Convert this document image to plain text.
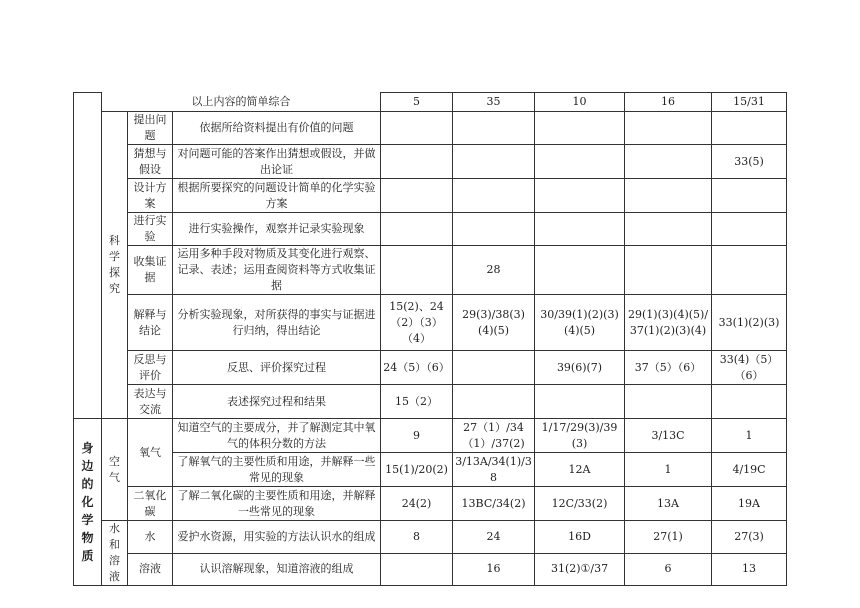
	以上内容的简单综合			5	35	10	16	15/31
	科学探究	提出问题	依据所给资料提出有价值的问题					
		猜想与假设	对问题可能的答案作出猜想或假设，并做出论证					33(5)
		设计方案	根据所要探究的问题设计简单的化学实验方案					
		进行实验	进行实验操作，观察并记录实验现象					
		收集证据	运用多种手段对物质及其变化进行观察、记录、表述；运用查阅资料等方式收集证据		28			
		解释与结论	分析实验现象，对所获得的事实与证据进行归纳，得出结论	15(2)、24（2）（3）（4）	29(3)/38(3)(4)(5)	30/39(1)(2)(3)(4)(5)	29(1)(3)(4)(5)/37(1)(2)(3)(4)	33(1)(2)(3)
		反思与评价	反思、评价探究过程	24（5）（6）		39(6)(7)	37（5）（6）	33(4)（5）（6）
		表达与交流	表述探究过程和结果	15（2）				
身边的化学物质	空气	氧气	知道空气的主要成分，并了解测定其中氧气的体积分数的方法	9	27（1）/34（1）/37(2)	1/17/29(3)/39(3)	3/13C	1
			了解氧气的主要性质和用途，并解释一些常见的现象	15(1)/20(2)	3/13A/34(1)/38	12A	1	4/19C
		二氧化碳	了解二氧化碳的主要性质和用途，并解释一些常见的现象	24(2)	13BC/34(2)	12C/33(2)	13A	19A
	水和溶液	水	爱护水资源，用实验的方法认识水的组成	8	24	16D	27(1)	27(3)
		溶液	认识溶解现象，知道溶液的组成		16	31(2)①/37	6	13
